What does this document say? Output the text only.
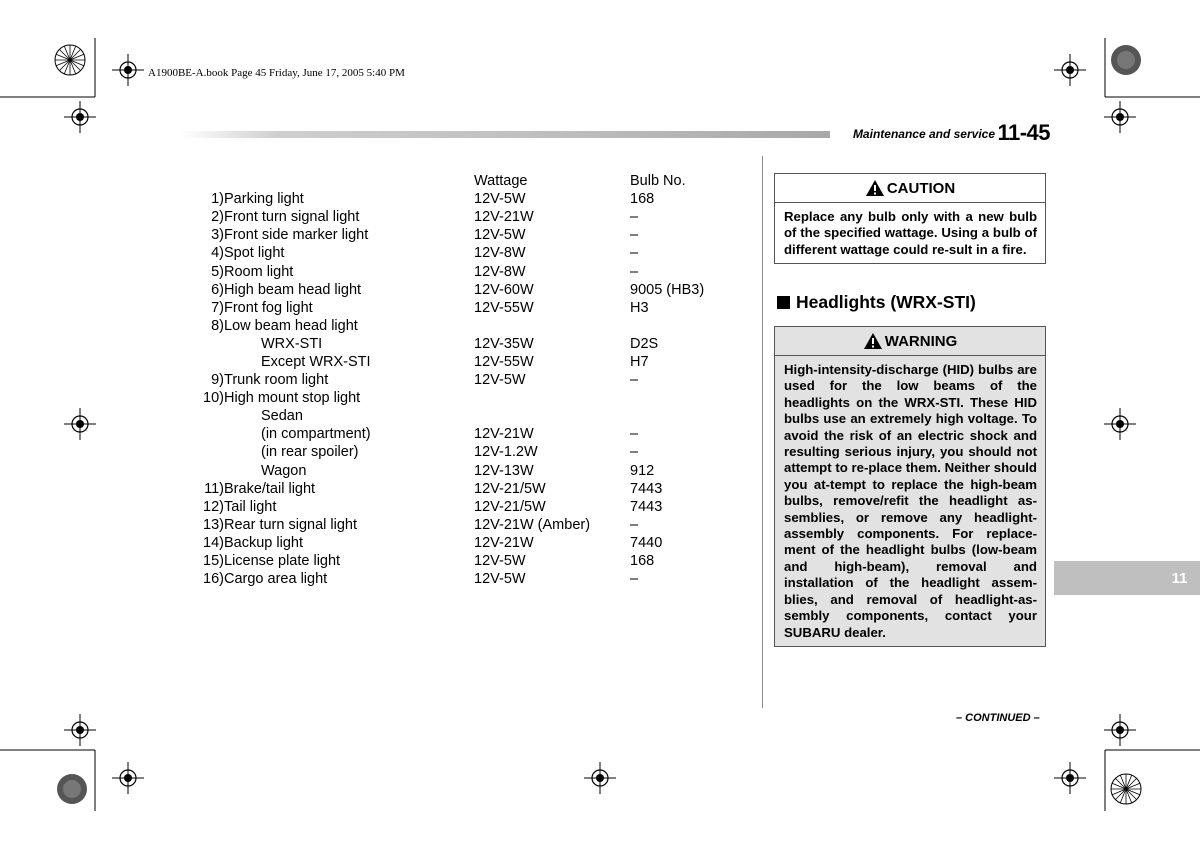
A1900BE-A.book Page 45 Friday, June 17, 2005 5:40 PM
Maintenance and service 11-45
		Wattage	Bulb No.
1)	Parking light	12V-5W	168
2)	Front turn signal light	12V-21W	–
3)	Front side marker light	12V-5W	–
4)	Spot light	12V-8W	–
5)	Room light	12V-8W	–
6)	High beam head light	12V-60W	9005 (HB3)
7)	Front fog light	12V-55W	H3
8)	Low beam head light		
	WRX-STI	12V-35W	D2S
	Except WRX-STI	12V-55W	H7
9)	Trunk room light	12V-5W	–
10)	High mount stop light		
	Sedan		
	(in compartment)	12V-21W	–
	(in rear spoiler)	12V-1.2W	–
	Wagon	12V-13W	912
11)	Brake/tail light	12V-21/5W	7443
12)	Tail light	12V-21/5W	7443
13)	Rear turn signal light	12V-21W (Amber)	–
14)	Backup light	12V-21W	7440
15)	License plate light	12V-5W	168
16)	Cargo area light	12V-5W	–
CAUTION
Replace any bulb only with a new bulb of the specified wattage. Using a bulb of different wattage could re-sult in a fire.
Headlights (WRX-STI)
WARNING
High-intensity-discharge (HID) bulbs are used for the low beams of the headlights on the WRX-STI. These HID bulbs use an extremely high voltage. To avoid the risk of an electric shock and resulting serious injury, you should not attempt to re-place them. Neither should you at-tempt to replace the high-beam bulbs, remove/refit the headlight as-semblies, or remove any headlight-assembly components. For replace-ment of the headlight bulbs (low-beam and high-beam), removal and installation of the headlight assem-blies, and removal of headlight-as-sembly components, contact your SUBARU dealer.
– CONTINUED –
11
